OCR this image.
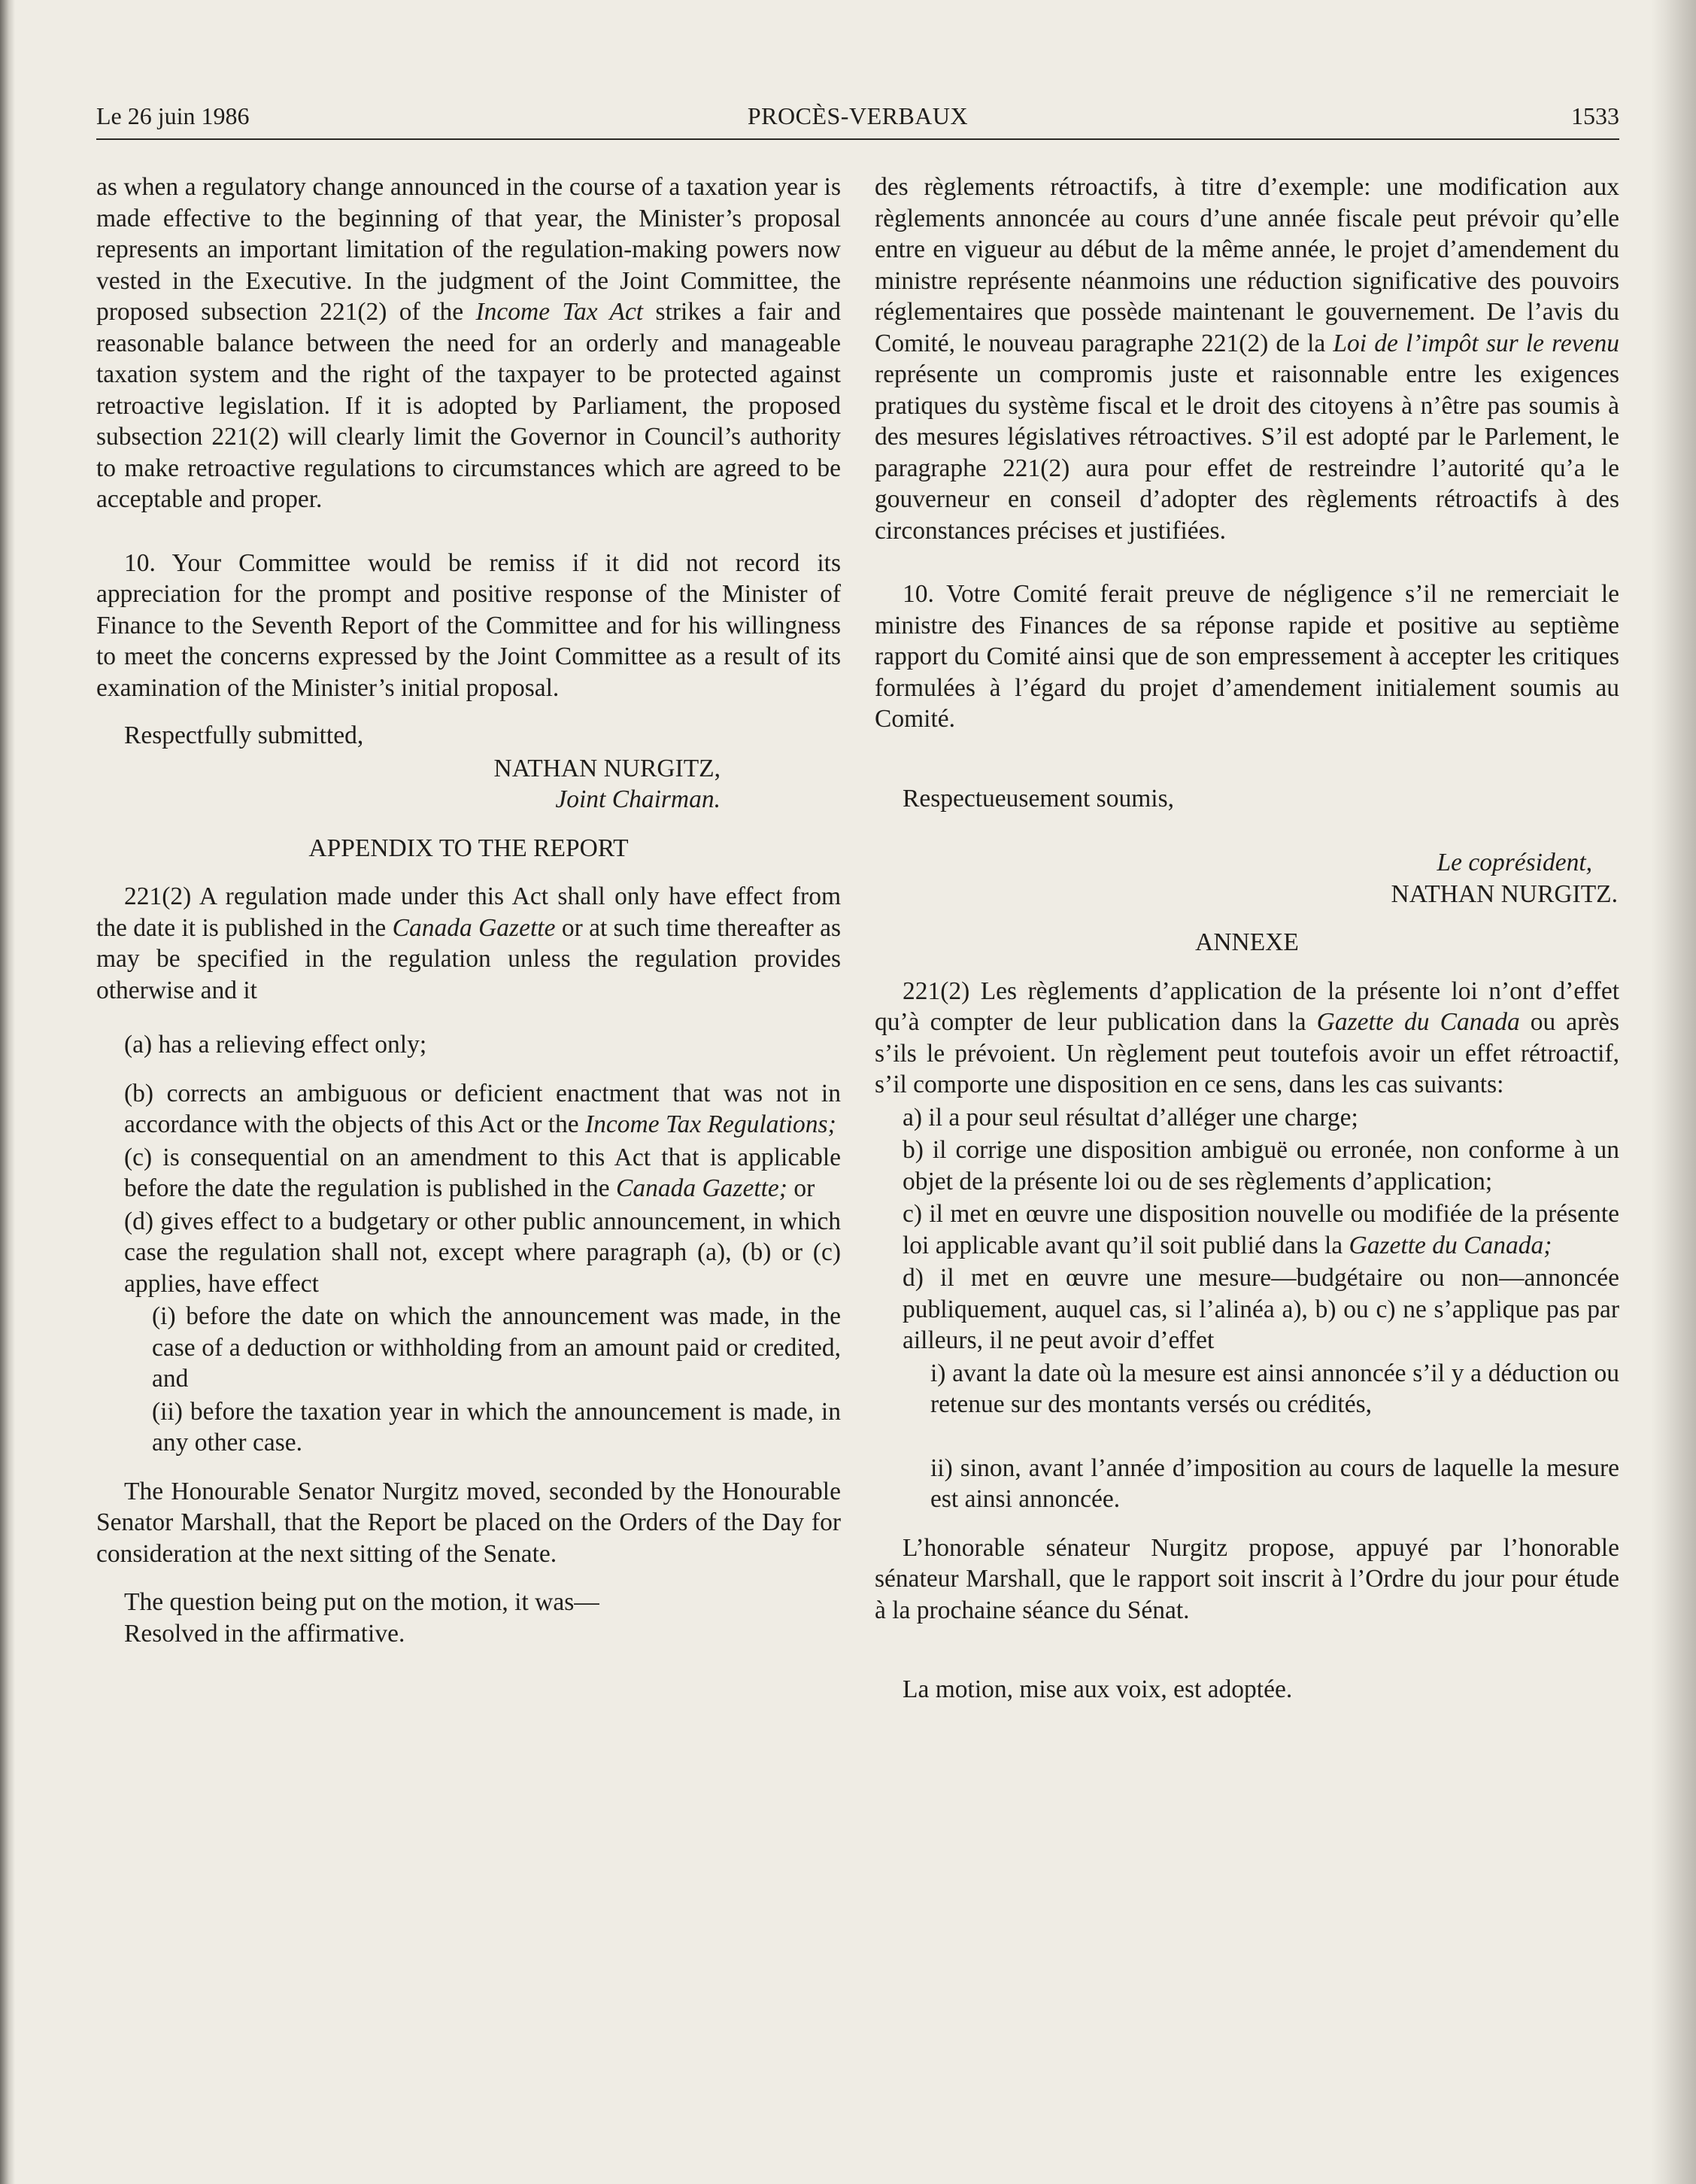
Le 26 juin 1986	PROCÈS-VERBAUX	1533

as when a regulatory change announced in the course of a taxation year is made effective to the beginning of that year, the Minister’s proposal represents an important limitation of the regulation-making powers now vested in the Executive. In the judgment of the Joint Committee, the proposed subsection 221(2) of the Income Tax Act strikes a fair and reasonable balance between the need for an orderly and manageable taxation system and the right of the taxpayer to be protected against retroactive legislation. If it is adopted by Parliament, the proposed subsection 221(2) will clearly limit the Governor in Council’s authority to make retroactive regulations to circumstances which are agreed to be acceptable and proper.

10. Your Committee would be remiss if it did not record its appreciation for the prompt and positive response of the Minister of Finance to the Seventh Report of the Committee and for his willingness to meet the concerns expressed by the Joint Committee as a result of its examination of the Minister’s initial proposal.

Respectfully submitted,

NATHAN NURGITZ,

Joint Chairman.

APPENDIX TO THE REPORT

221(2) A regulation made under this Act shall only have effect from the date it is published in the Canada Gazette or at such time thereafter as may be specified in the regulation unless the regulation provides otherwise and it

(a) has a relieving effect only;

(b) corrects an ambiguous or deficient enactment that was not in accordance with the objects of this Act or the Income Tax Regulations;

(c) is consequential on an amendment to this Act that is applicable before the date the regulation is published in the Canada Gazette; or

(d) gives effect to a budgetary or other public announcement, in which case the regulation shall not, except where paragraph (a), (b) or (c) applies, have effect

(i) before the date on which the announcement was made, in the case of a deduction or withholding from an amount paid or credited, and

(ii) before the taxation year in which the announcement is made, in any other case.

The Honourable Senator Nurgitz moved, seconded by the Honourable Senator Marshall, that the Report be placed on the Orders of the Day for consideration at the next sitting of the Senate.

The question being put on the motion, it was—

Resolved in the affirmative.

des règlements rétroactifs, à titre d’exemple: une modification aux règlements annoncée au cours d’une année fiscale peut prévoir qu’elle entre en vigueur au début de la même année, le projet d’amendement du ministre représente néanmoins une réduction significative des pouvoirs réglementaires que possède maintenant le gouvernement. De l’avis du Comité, le nouveau paragraphe 221(2) de la Loi de l’impôt sur le revenu représente un compromis juste et raisonnable entre les exigences pratiques du système fiscal et le droit des citoyens à n’être pas soumis à des mesures législatives rétroactives. S’il est adopté par le Parlement, le paragraphe 221(2) aura pour effet de restreindre l’autorité qu’a le gouverneur en conseil d’adopter des règlements rétroactifs à des circonstances précises et justifiées.

10. Votre Comité ferait preuve de négligence s’il ne remerciait le ministre des Finances de sa réponse rapide et positive au septième rapport du Comité ainsi que de son empressement à accepter les critiques formulées à l’égard du projet d’amendement initialement soumis au Comité.

Respectueusement soumis,

Le coprésident,

NATHAN NURGITZ.

ANNEXE

221(2) Les règlements d’application de la présente loi n’ont d’effet qu’à compter de leur publication dans la Gazette du Canada ou après s’ils le prévoient. Un règlement peut toutefois avoir un effet rétroactif, s’il comporte une disposition en ce sens, dans les cas suivants:

a) il a pour seul résultat d’alléger une charge;

b) il corrige une disposition ambiguë ou erronée, non conforme à un objet de la présente loi ou de ses règlements d’application;

c) il met en œuvre une disposition nouvelle ou modifiée de la présente loi applicable avant qu’il soit publié dans la Gazette du Canada;

d) il met en œuvre une mesure—budgétaire ou non—annoncée publiquement, auquel cas, si l’alinéa a), b) ou c) ne s’applique pas par ailleurs, il ne peut avoir d’effet

i) avant la date où la mesure est ainsi annoncée s’il y a déduction ou retenue sur des montants versés ou crédités,

ii) sinon, avant l’année d’imposition au cours de laquelle la mesure est ainsi annoncée.

L’honorable sénateur Nurgitz propose, appuyé par l’honorable sénateur Marshall, que le rapport soit inscrit à l’Ordre du jour pour étude à la prochaine séance du Sénat.

La motion, mise aux voix, est adoptée.
